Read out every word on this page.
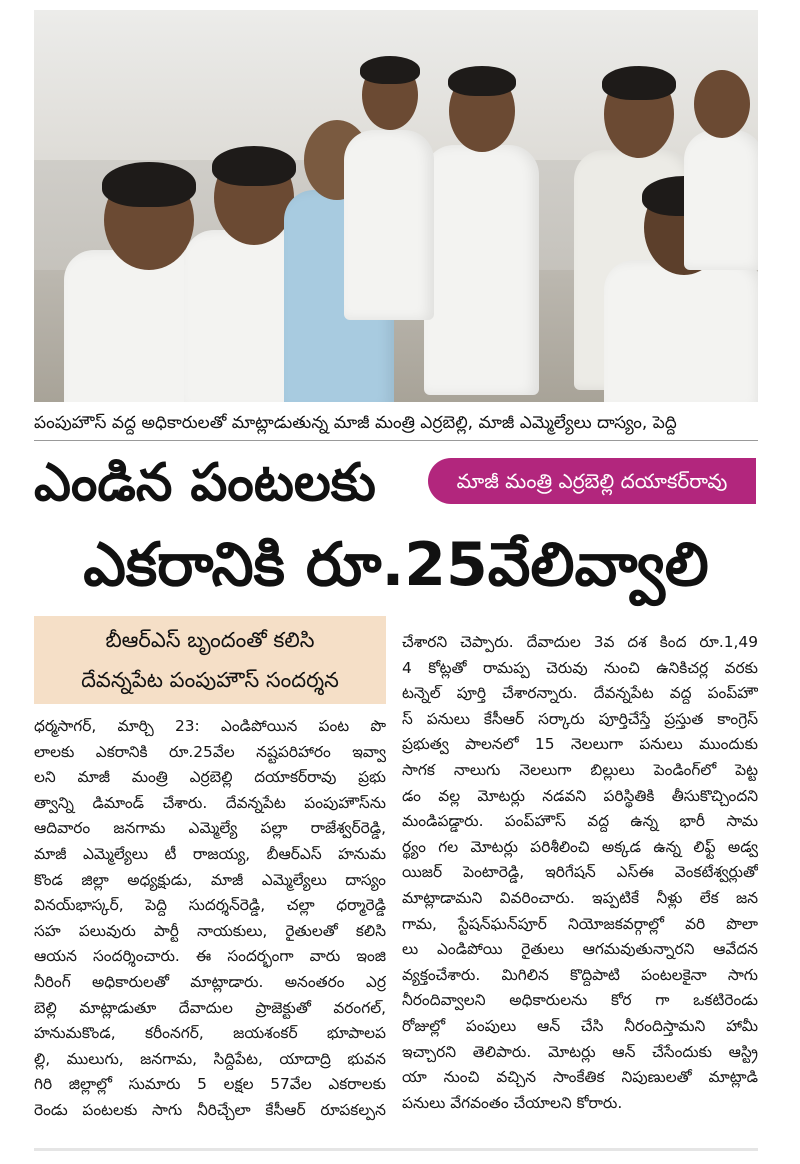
పంపుహౌస్ వద్ద అధికారులతో మాట్లాడుతున్న మాజీ మంత్రి ఎర్రబెల్లి, మాజీ ఎమ్మెల్యేలు దాస్యం, పెద్ది
ఎండిన పంటలకు	మాజీ మంత్రి ఎర్రబెల్లి దయాకర్‌రావు
ఎకరానికి రూ.25వేలివ్వాలి
బీఆర్‌ఎస్ బృందంతో కలిసి
దేవన్నపేట పంపుహౌస్ సందర్శన
ధర్మసాగర్, మార్చి 23: ఎండిపోయిన పంట పొ
లాలకు ఎకరానికి రూ.25వేల నష్టపరిహారం ఇవ్వా
లని మాజీ మంత్రి ఎర్రబెల్లి దయాకర్‌రావు ప్రభు
త్వాన్ని డిమాండ్ చేశారు. దేవన్నపేట పంపుహౌస్‌ను
ఆదివారం జనగామ ఎమ్మెల్యే పల్లా రాజేశ్వర్‌రెడ్డి,
మాజీ ఎమ్మెల్యేలు టీ రాజయ్య, బీఆర్‌ఎస్ హనుమ
కొండ జిల్లా అధ్యక్షుడు, మాజీ ఎమ్మెల్యేలు దాస్యం
వినయ్‌భాస్కర్, పెద్ది సుదర్శన్‌రెడ్డి, చల్లా ధర్మారెడ్డి
సహ పలువురు పార్టీ నాయకులు, రైతులతో కలిసి
ఆయన సందర్శించారు. ఈ సందర్భంగా వారు ఇంజి
నీరింగ్ అధికారులతో మాట్లాడారు. అనంతరం ఎర్ర
బెల్లి మాట్లాడుతూ దేవాదుల ప్రాజెక్టుతో వరంగల్,
హనుమకొండ, కరీంనగర్, జయశంకర్ భూపాలప
ల్లి, ములుగు, జనగామ, సిద్దిపేట, యాదాద్రి భువన
గిరి జిల్లాల్లో సుమారు 5 లక్షల 57వేల ఎకరాలకు
రెండు పంటలకు సాగు నీరిచ్చేలా కేసీఆర్ రూపకల్పన
చేశారని చెప్పారు. దేవాదుల 3వ దశ కింద రూ.1,49
4 కోట్లతో రామప్ప చెరువు నుంచి ఉనికిచర్ల వరకు
టన్నెల్ పూర్తి చేశారన్నారు. దేవన్నపేట వద్ద పంప్‌హౌ
స్ పనులు కేసీఆర్ సర్కారు పూర్తిచేస్తే ప్రస్తుత కాంగ్రెస్
ప్రభుత్వ పాలనలో 15 నెలలుగా పనులు ముందుకు
సాగక నాలుగు నెలలుగా బిల్లులు పెండింగ్‌లో పెట్ట
డం వల్ల మోటర్లు నడవని పరిస్థితికి తీసుకొచ్చిందని
మండిపడ్డారు. పంప్‌హౌస్ వద్ద ఉన్న భారీ సామ
ర్థ్యం గల మోటర్లు పరిశీలించి అక్కడ ఉన్న లిఫ్ట్ అడ్వ
యిజర్ పెంటారెడ్డి, ఇరిగేషన్ ఎస్‌ఈ వెంకటేశ్వర్లుతో
మాట్లాడామని వివరించారు. ఇప్పటికే నీళ్లు లేక జన
గామ, స్టేషన్‌ఘన్‌పూర్ నియోజకవర్గాల్లో వరి పొలా
లు ఎండిపోయి రైతులు ఆగమవుతున్నారని ఆవేదన
వ్యక్తంచేశారు. మిగిలిన కొద్దిపాటి పంటలకైనా సాగు
నీరందివ్వాలని అధికారులను కోర గా ఒకటిరెండు
రోజుల్లో పంపులు ఆన్ చేసి నీరందిస్తామని హామీ
ఇచ్చారని తెలిపారు. మోటర్లు ఆన్ చేసేందుకు ఆస్ట్రి
యా నుంచి వచ్చిన సాంకేతిక నిపుణులతో మాట్లాడి
పనులు వేగవంతం చేయాలని కోరారు.
